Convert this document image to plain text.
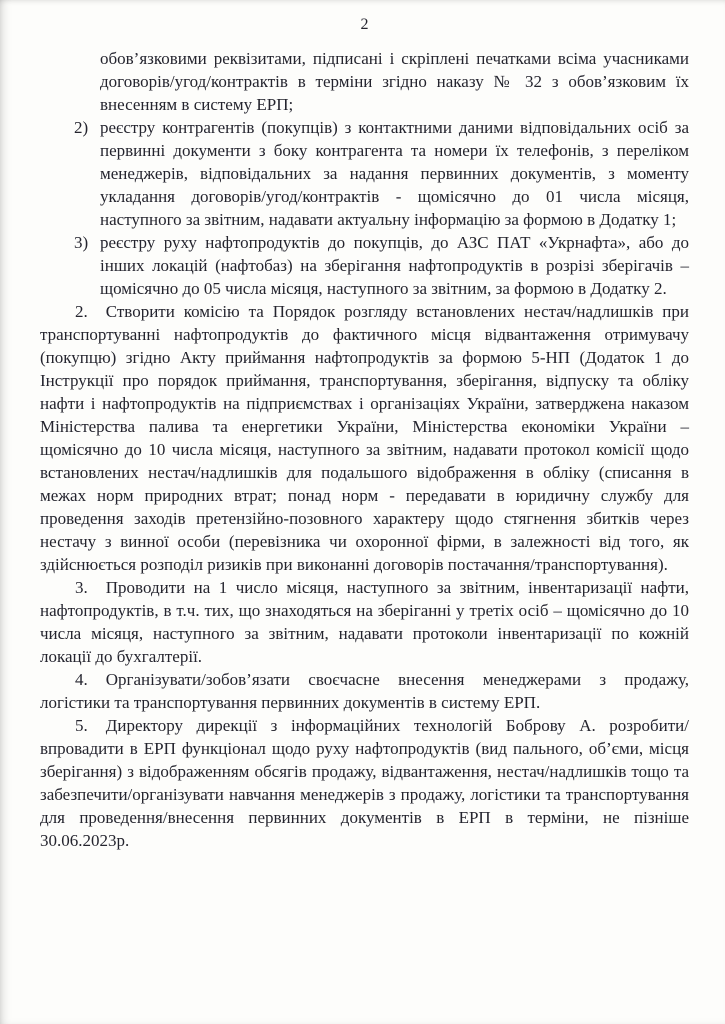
2

обов’язковими реквізитами, підписані і скріплені печатками всіма учасниками договорів/угод/контрактів в терміни згідно наказу № 32 з обов’язковим їх внесенням в систему ЕРП;

2) реєстру контрагентів (покупців) з контактними даними відповідальних осіб за первинні документи з боку контрагента та номери їх телефонів, з переліком менеджерів, відповідальних за надання первинних документів, з моменту укладання договорів/угод/контрактів - щомісячно до 01 числа місяця, наступного за звітним, надавати актуальну інформацію за формою в Додатку 1;

3) реєстру руху нафтопродуктів до покупців, до АЗС ПАТ «Укрнафта», або до інших локацій (нафтобаз) на зберігання нафтопродуктів в розрізі зберігачів – щомісячно до 05 числа місяця, наступного за звітним, за формою в Додатку 2.

2. Створити комісію та Порядок розгляду встановлених нестач/надлишків при транспортуванні нафтопродуктів до фактичного місця відвантаження отримувачу (покупцю) згідно Акту приймання нафтопродуктів за формою 5-НП (Додаток 1 до Інструкції про порядок приймання, транспортування, зберігання, відпуску та обліку нафти і нафтопродуктів на підприємствах і організаціях України, затверджена наказом Міністерства палива та енергетики України, Міністерства економіки України – щомісячно до 10 числа місяця, наступного за звітним, надавати протокол комісії щодо встановлених нестач/надлишків для подальшого відображення в обліку (списання в межах норм природних втрат; понад норм - передавати в юридичну службу для проведення заходів претензійно-позовного характеру щодо стягнення збитків через нестачу з винної особи (перевізника чи охоронної фірми, в залежності від того, як здійснюється розподіл ризиків при виконанні договорів постачання/транспортування).

3. Проводити на 1 число місяця, наступного за звітним, інвентаризації нафти, нафтопродуктів, в т.ч. тих, що знаходяться на зберіганні у третіх осіб – щомісячно до 10 числа місяця, наступного за звітним, надавати протоколи інвентаризації по кожній локації до бухгалтерії.

4. Організувати/зобов’язати своєчасне внесення менеджерами з продажу, логістики та транспортування первинних документів в систему ЕРП.

5. Директору дирекції з інформаційних технологій Боброву А. розробити/впровадити в ЕРП функціонал щодо руху нафтопродуктів (вид пального, об’єми, місця зберігання) з відображенням обсягів продажу, відвантаження, нестач/надлишків тощо та забезпечити/організувати навчання менеджерів з продажу, логістики та транспортування для проведення/внесення первинних документів в ЕРП в терміни, не пізніше 30.06.2023р.
